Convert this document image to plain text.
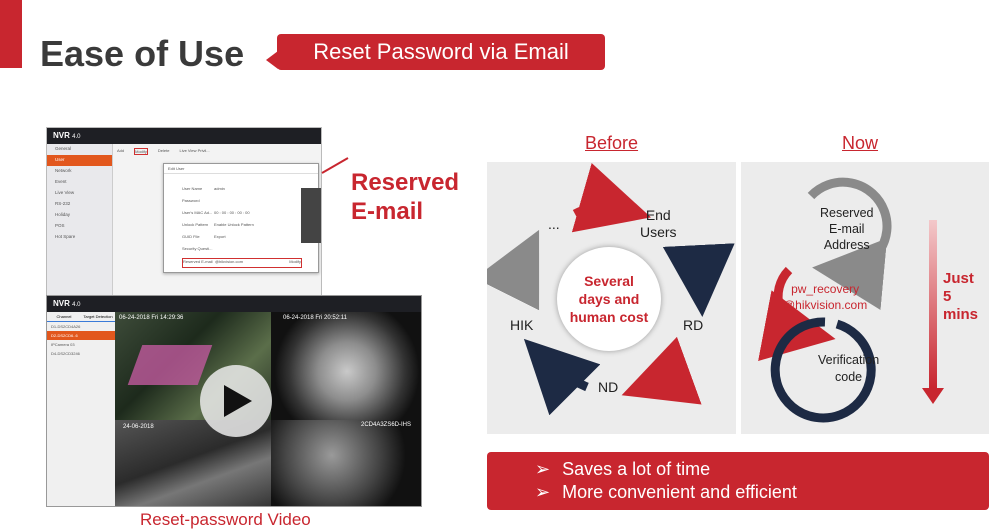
Ease of Use	Reset Password via Email
NVR 4.0
General
User
Network
Event
Live View
RS-232
Holiday
POS
Hot Spare
Add	Modify	Delete	Live View Privil...
Edit User
User Name	admin
Password
User's MAC Ad... 00 : 00 : 00 : 00 : 00
Unlock Pattern	Enable Unlock Pattern
GUID File	Export
Security Questi...
Reserved E-mail @hikvision.com	Modify
Reserved
E-mail
NVR 4.0
Channel	Target Detection
D1-DS2CD4A26
D2-DS2CD6..6
IPCamera 03
D4-DS2CD3246
06-24-2018 Fri 14:29:36	06-24-2018 Fri 20:52:11
24-06-2018	2CD4A3ZS6D-IHS
Reset-password Video
Before	Now
Several
days and
human cost
...
End
Users
RD
ND
HIK
Reserved
E-mail
Address
pw_recovery
@hikvision.com
Verification
code
Just
5
mins
➢ Saves a lot of time
➢ More convenient and efficient
